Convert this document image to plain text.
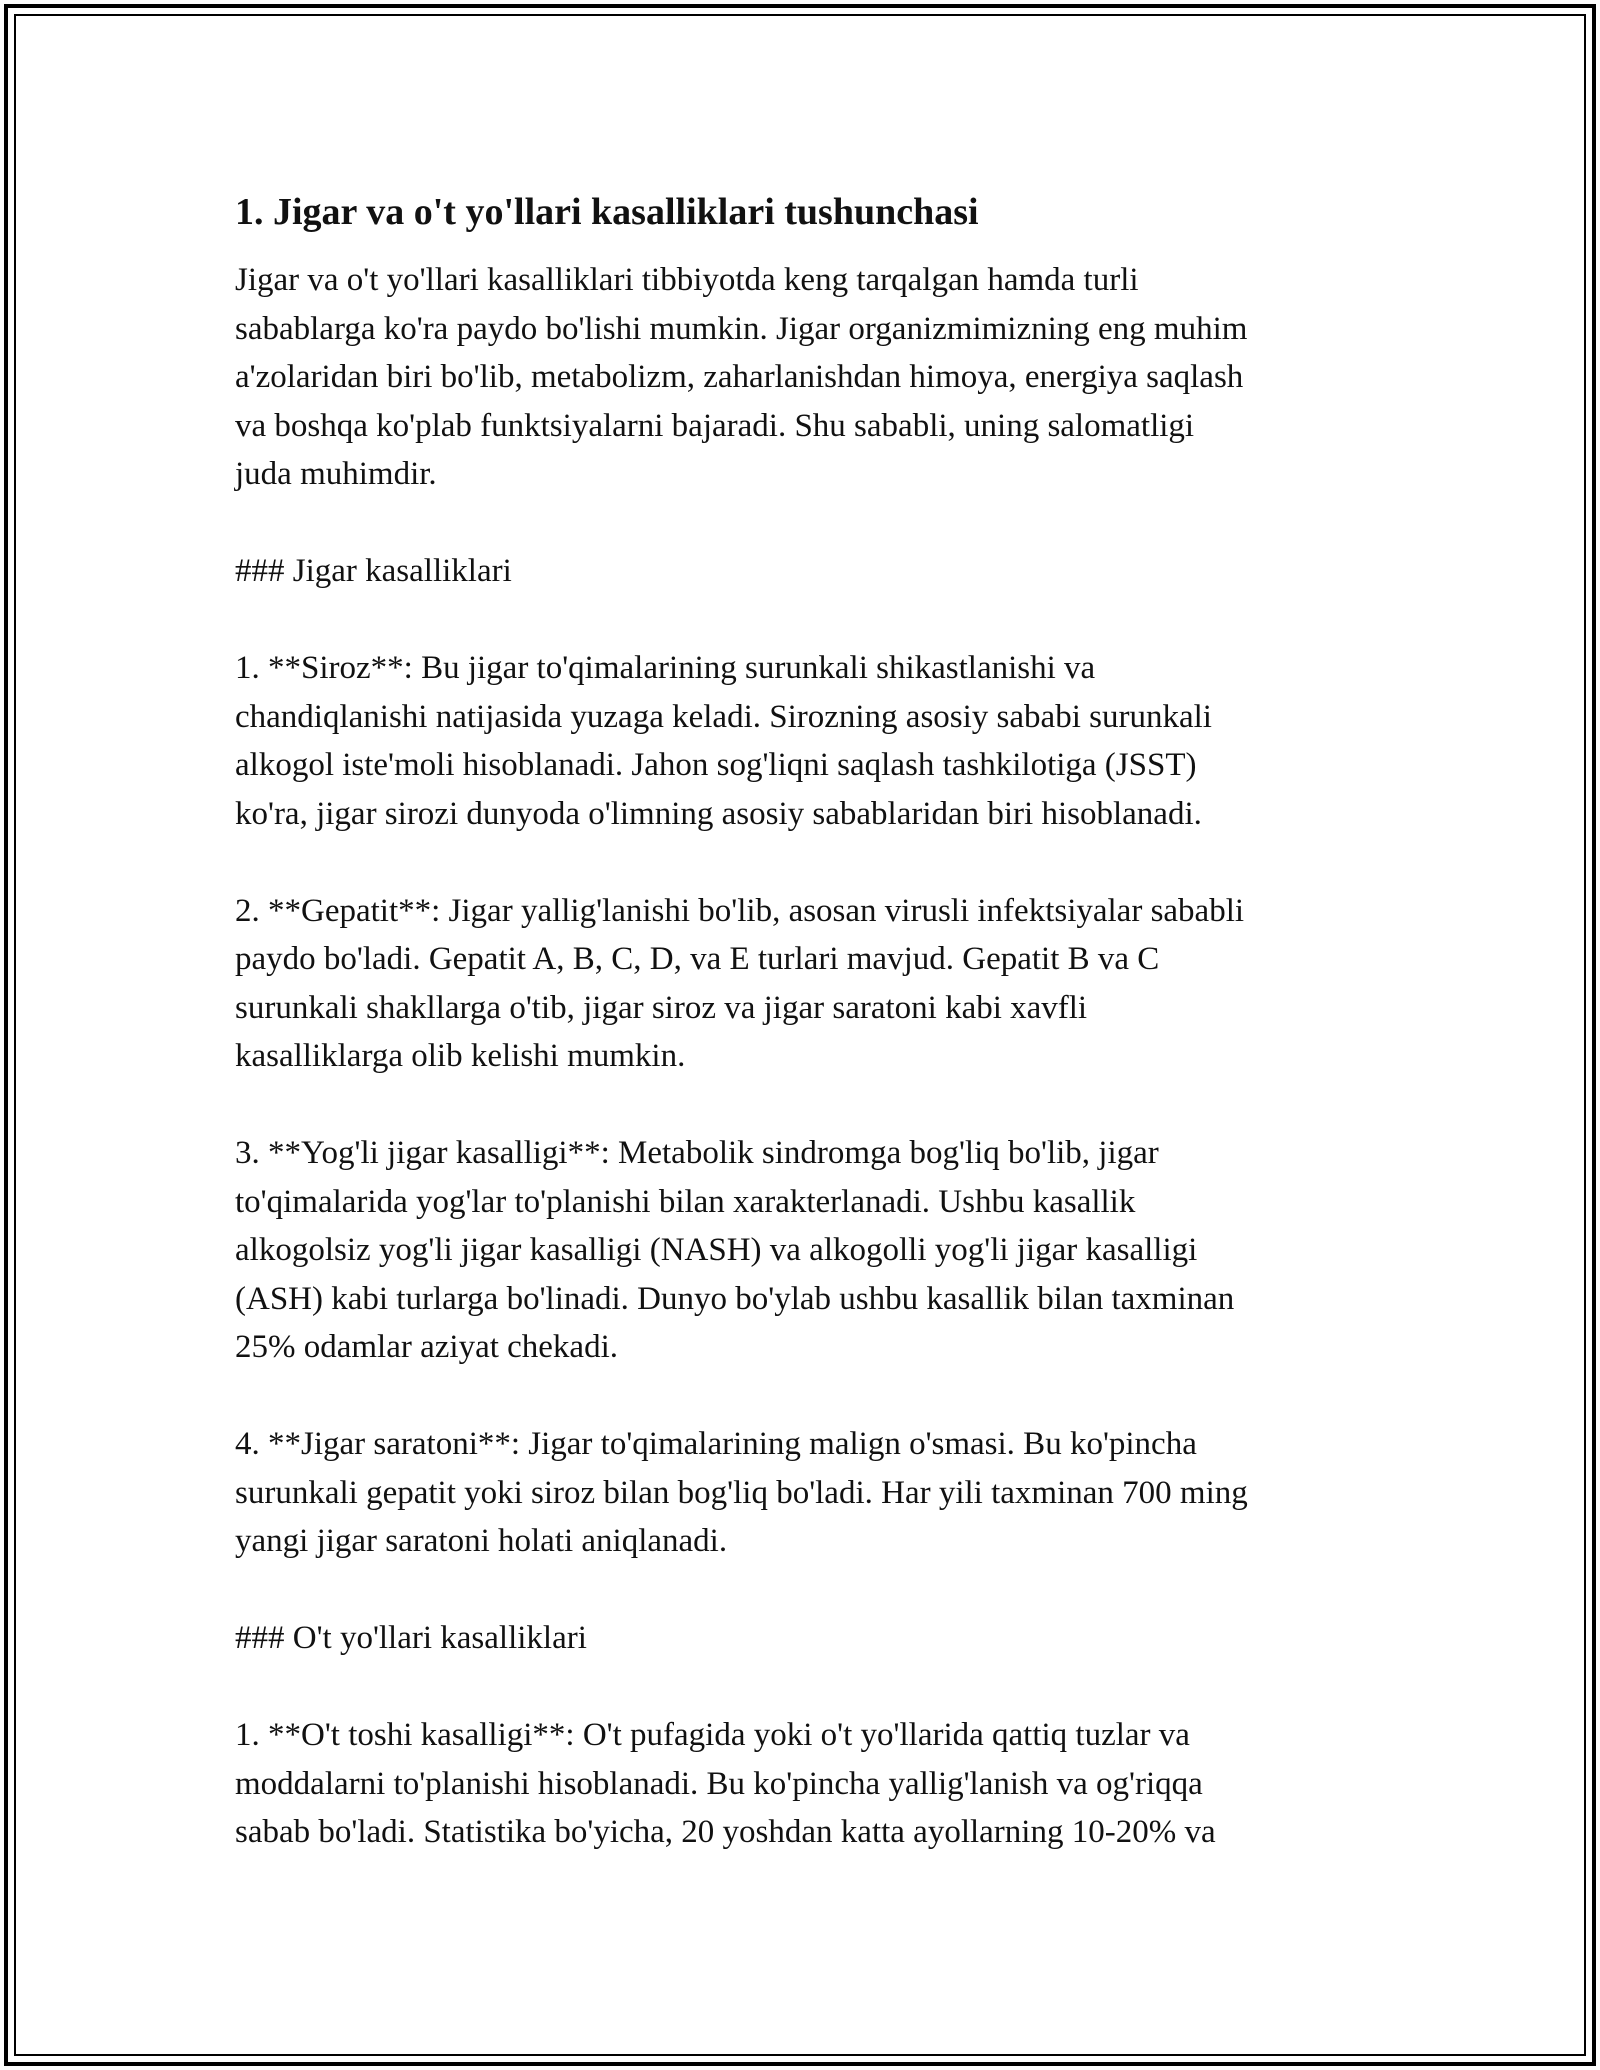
1. Jigar va o't yo'llari kasalliklari tushunchasi

Jigar va o't yo'llari kasalliklari tibbiyotda keng tarqalgan hamda turli
sabablarga ko'ra paydo bo'lishi mumkin. Jigar organizmimizning eng muhim
a'zolaridan biri bo'lib, metabolizm, zaharlanishdan himoya, energiya saqlash
va boshqa ko'plab funktsiyalarni bajaradi. Shu sababli, uning salomatligi
juda muhimdir.

### Jigar kasalliklari

1. **Siroz**: Bu jigar to'qimalarining surunkali shikastlanishi va
chandiqlanishi natijasida yuzaga keladi. Sirozning asosiy sababi surunkali
alkogol iste'moli hisoblanadi. Jahon sog'liqni saqlash tashkilotiga (JSST)
ko'ra, jigar sirozi dunyoda o'limning asosiy sabablaridan biri hisoblanadi.

2. **Gepatit**: Jigar yallig'lanishi bo'lib, asosan virusli infektsiyalar sababli
paydo bo'ladi. Gepatit A, B, C, D, va E turlari mavjud. Gepatit B va C
surunkali shakllarga o'tib, jigar siroz va jigar saratoni kabi xavfli
kasalliklarga olib kelishi mumkin.

3. **Yog'li jigar kasalligi**: Metabolik sindromga bog'liq bo'lib, jigar
to'qimalarida yog'lar to'planishi bilan xarakterlanadi. Ushbu kasallik
alkogolsiz yog'li jigar kasalligi (NASH) va alkogolli yog'li jigar kasalligi
(ASH) kabi turlarga bo'linadi. Dunyo bo'ylab ushbu kasallik bilan taxminan
25% odamlar aziyat chekadi.

4. **Jigar saratoni**: Jigar to'qimalarining malign o'smasi. Bu ko'pincha
surunkali gepatit yoki siroz bilan bog'liq bo'ladi. Har yili taxminan 700 ming
yangi jigar saratoni holati aniqlanadi.

### O't yo'llari kasalliklari

1. **O't toshi kasalligi**: O't pufagida yoki o't yo'llarida qattiq tuzlar va
moddalarni to'planishi hisoblanadi. Bu ko'pincha yallig'lanish va og'riqqa
sabab bo'ladi. Statistika bo'yicha, 20 yoshdan katta ayollarning 10-20% va
